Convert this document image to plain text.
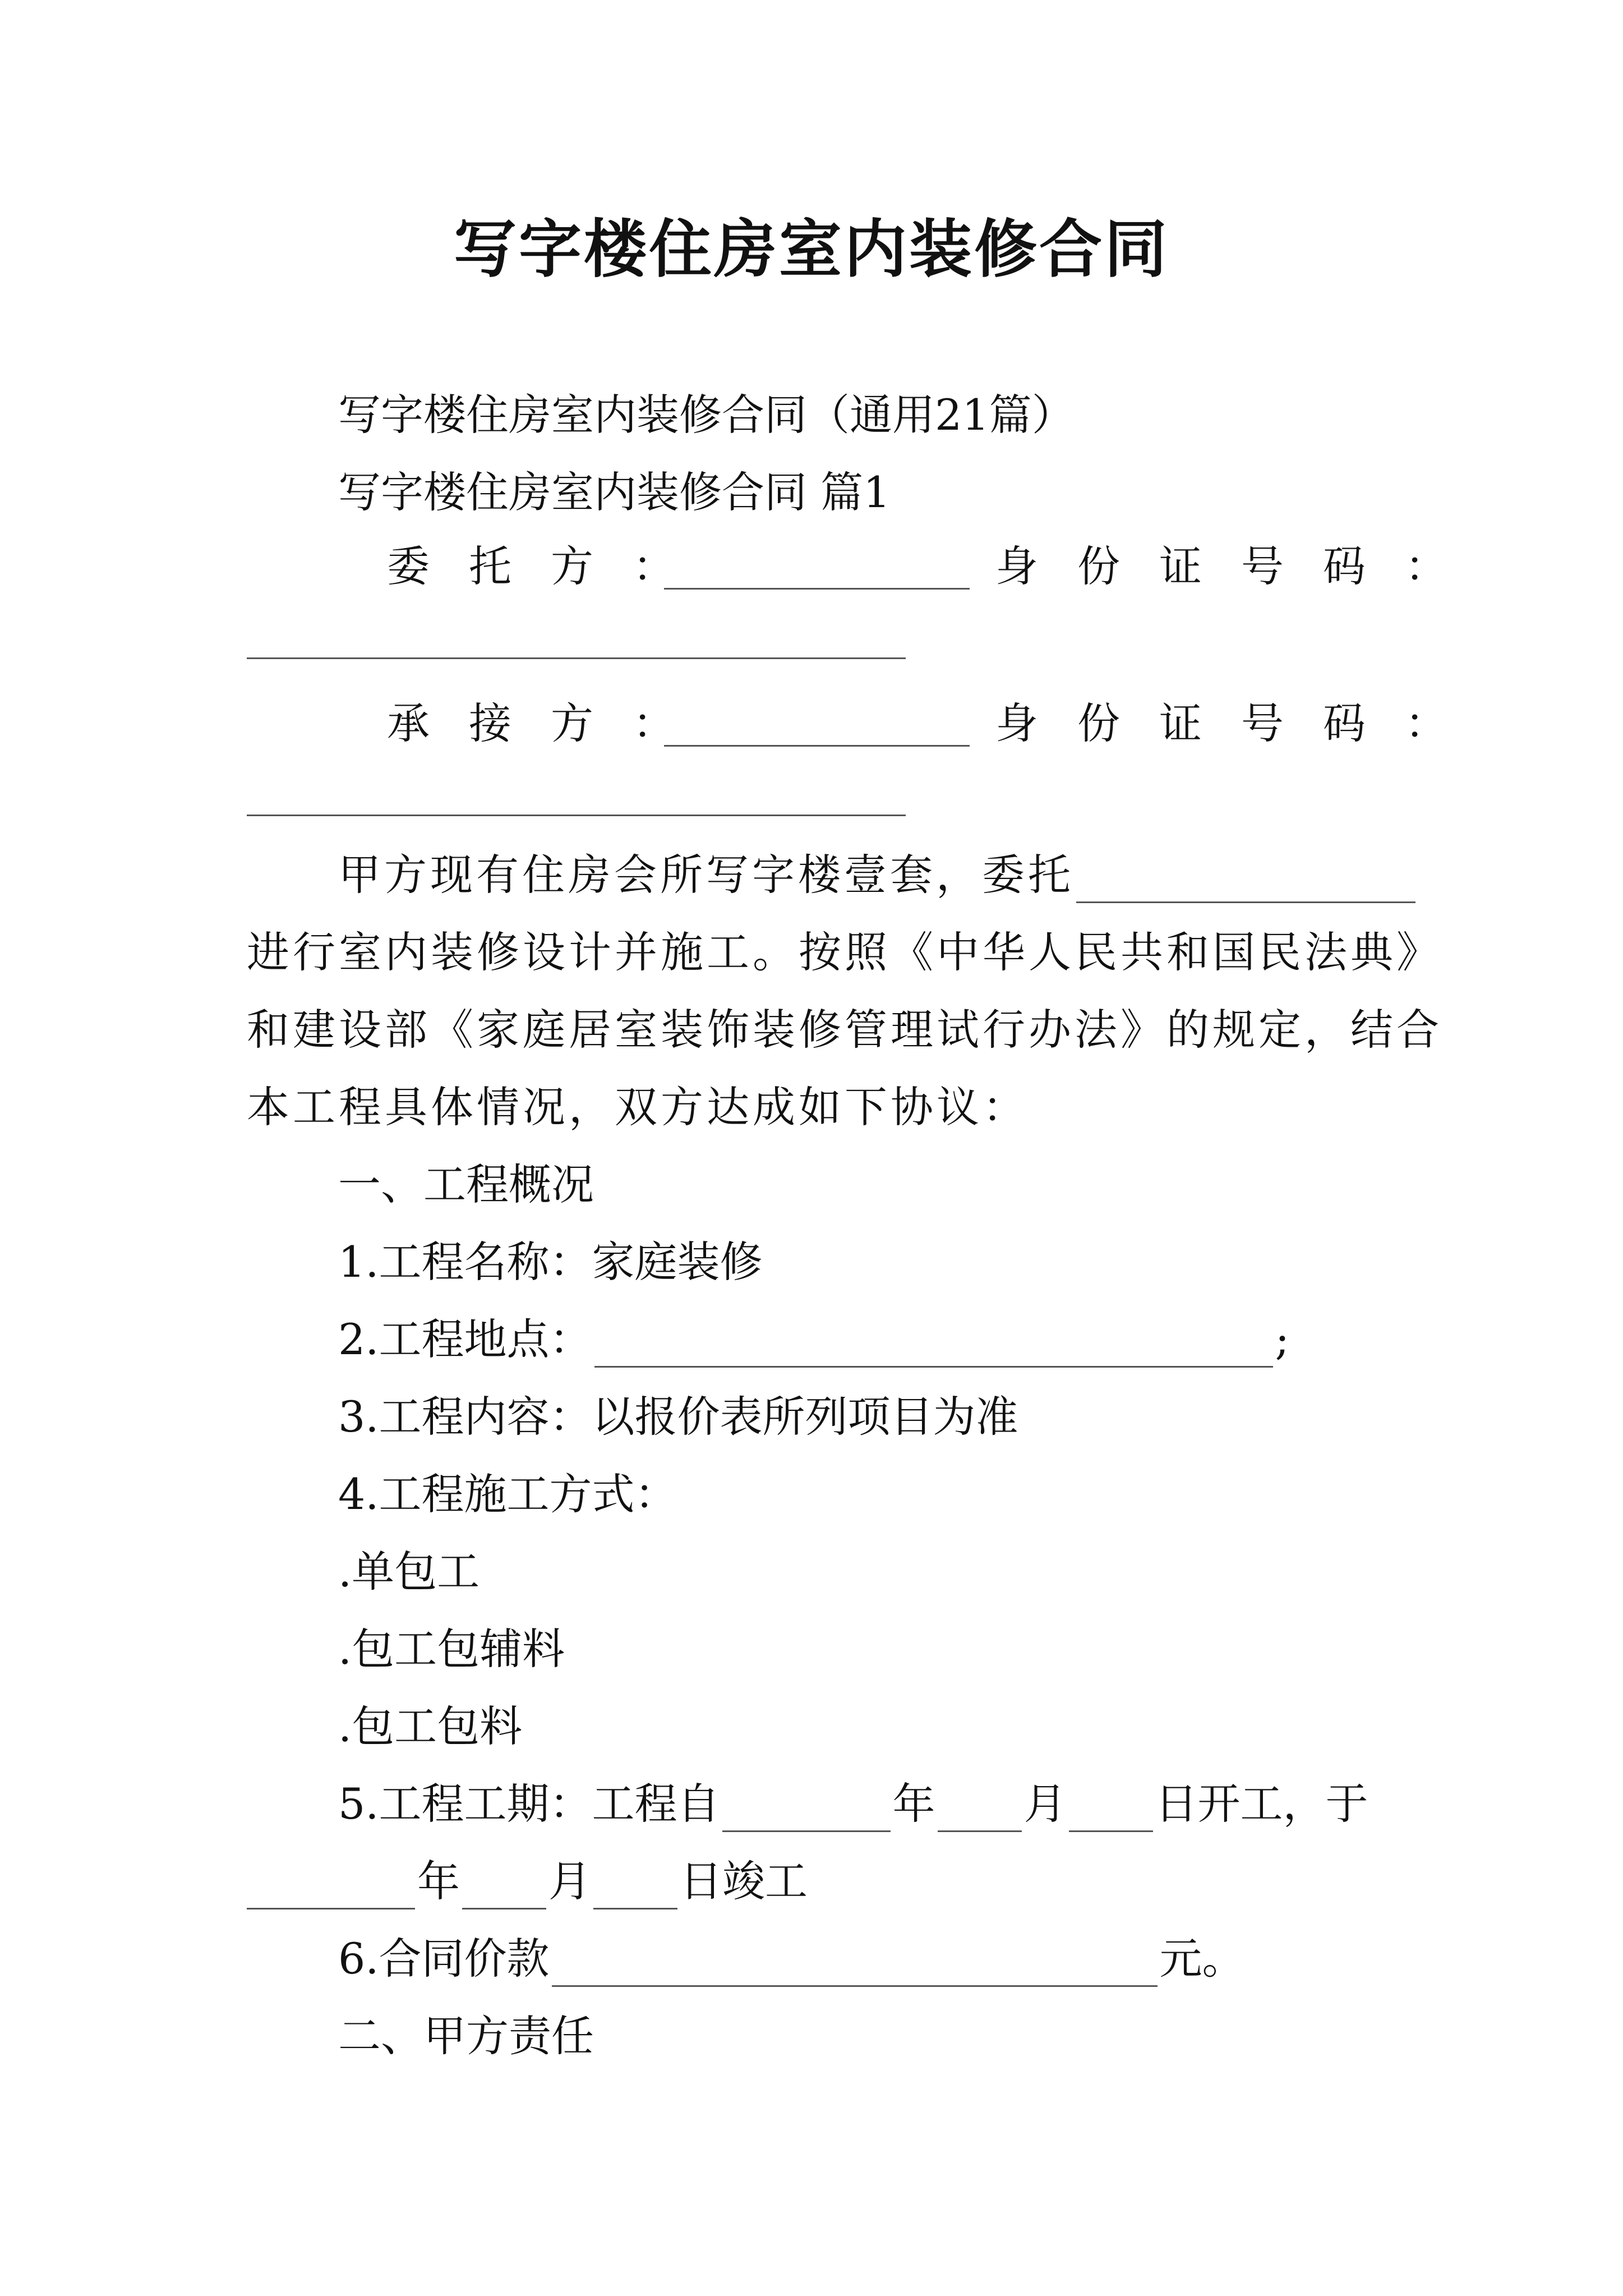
写字楼住房室内装修合同
写字楼住房室内装修合同（通用21篇）
写字楼住房室内装修合同 篇1
委托方：	身份证号码：
承接方：	身份证号码：
甲方现有住房会所写字楼壹套，委托
进行室内装修设计并施工。按照《中华人民共和国民法典》
和建设部《家庭居室装饰装修管理试行办法》的规定，结合
本工程具体情况，双方达成如下协议：
一、工程概况
1.工程名称：家庭装修
2.工程地点：	;
3.工程内容：以报价表所列项目为准
4.工程施工方式：
.单包工
.包工包辅料
.包工包料
5.工程工期：工程自	年 月 日开工，于
年 月 日竣工
6.合同价款	元。
二、甲方责任
